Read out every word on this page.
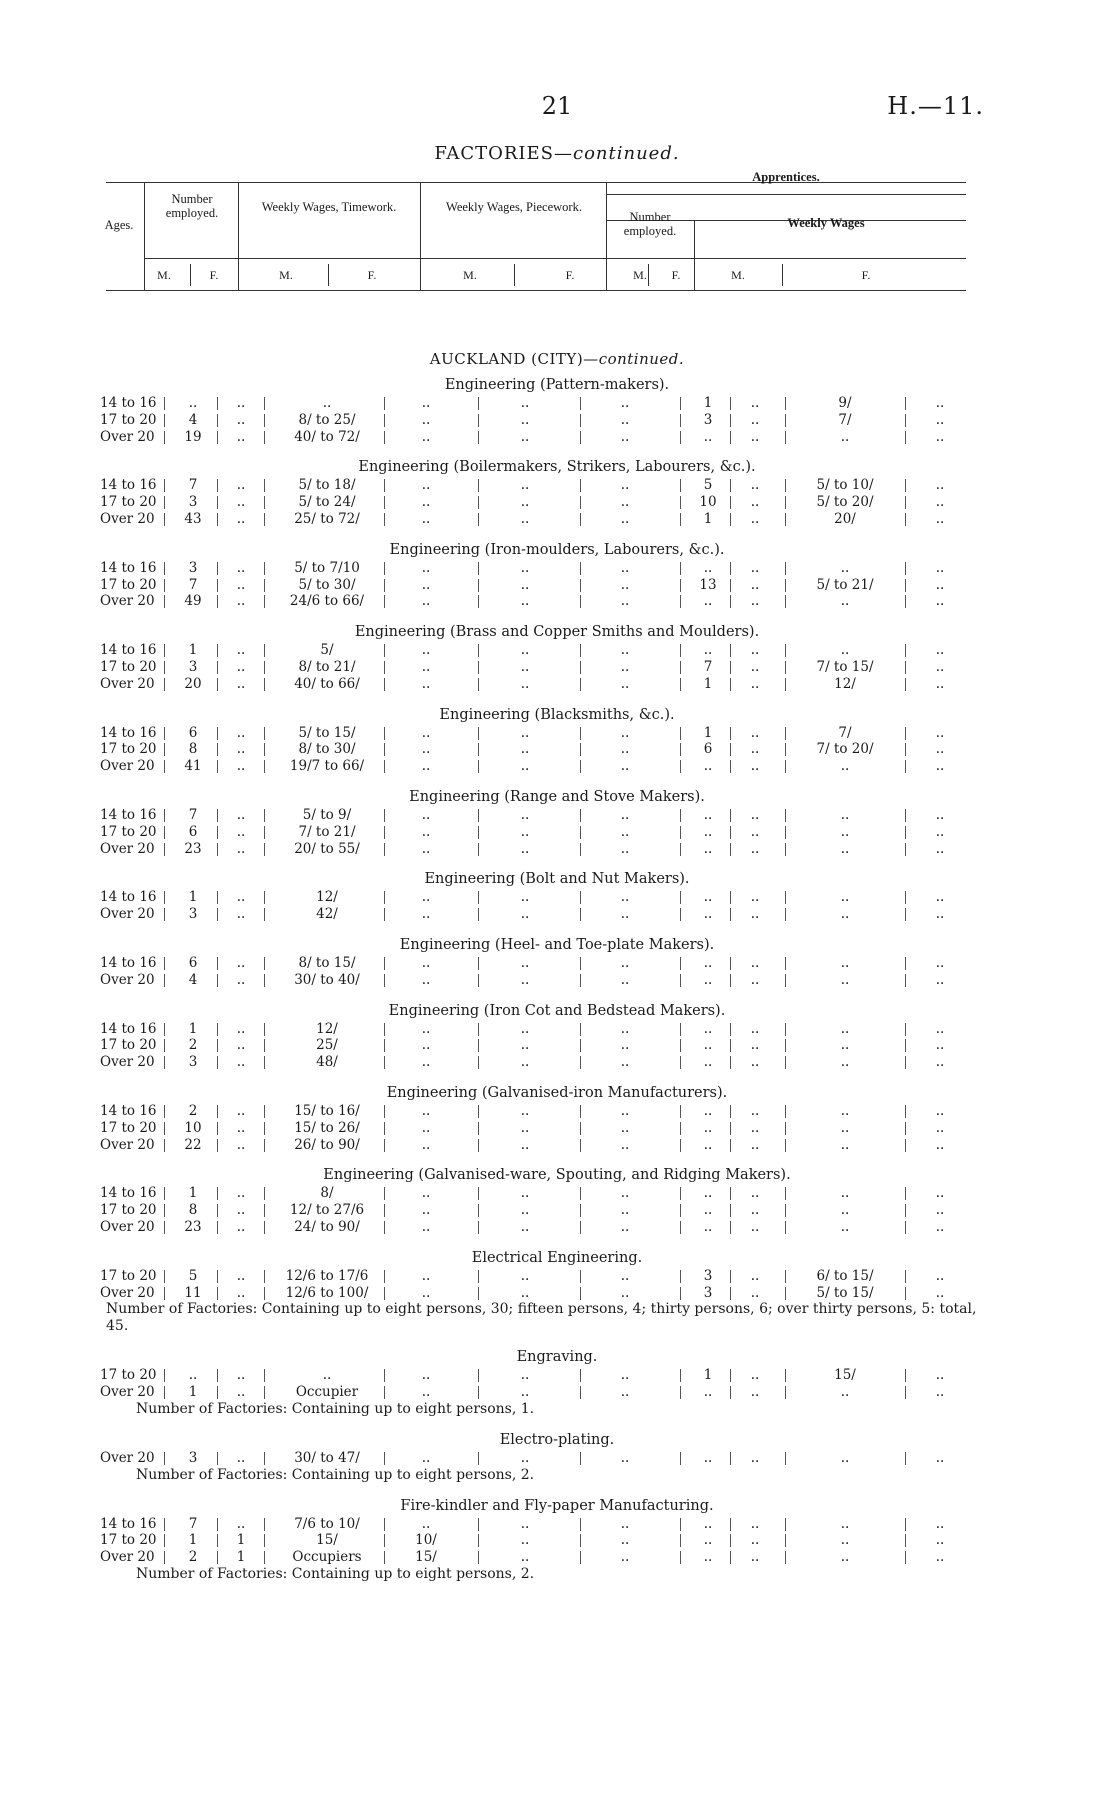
21	H.—11.
FACTORIES—continued.
Ages.
Number employed.	Weekly Wages, Timework.	Weekly Wages, Piecework.
Apprentices.
Number employed.
Weekly Wages
M.	F.	M.	F.	M.	F.	M.	F.	M.	F.
AUCKLAND (CITY)—continued.
Engineering (Pattern-makers).
14 to 16	..	..	..	..	..	..	1	..	9/	..
17 to 20	4	..	8/ to 25/	..	..	..	3	..	7/	..
Over 20	19	..	40/ to 72/	..	..	..	..	..	..	..
Engineering (Boilermakers, Strikers, Labourers, &c.).
14 to 16	7	..	5/ to 18/	..	..	..	5	..	5/ to 10/	..
17 to 20	3	..	5/ to 24/	..	..	..	10	..	5/ to 20/	..
Over 20	43	..	25/ to 72/	..	..	..	1	..	20/	..
Engineering (Iron-moulders, Labourers, &c.).
14 to 16	3	..	5/ to 7/10	..	..	..	..	..	..	..
17 to 20	7	..	5/ to 30/	..	..	..	13	..	5/ to 21/	..
Over 20	49	..	24/6 to 66/	..	..	..	..	..	..	..
Engineering (Brass and Copper Smiths and Moulders).
14 to 16	1	..	5/	..	..	..	..	..	..	..
17 to 20	3	..	8/ to 21/	..	..	..	7	..	7/ to 15/	..
Over 20	20	..	40/ to 66/	..	..	..	1	..	12/	..
Engineering (Blacksmiths, &c.).
14 to 16	6	..	5/ to 15/	..	..	..	1	..	7/	..
17 to 20	8	..	8/ to 30/	..	..	..	6	..	7/ to 20/	..
Over 20	41	..	19/7 to 66/	..	..	..	..	..	..	..
Engineering (Range and Stove Makers).
14 to 16	7	..	5/ to 9/	..	..	..	..	..	..	..
17 to 20	6	..	7/ to 21/	..	..	..	..	..	..	..
Over 20	23	..	20/ to 55/	..	..	..	..	..	..	..
Engineering (Bolt and Nut Makers).
14 to 16	1	..	12/	..	..	..	..	..	..	..
Over 20	3	..	42/	..	..	..	..	..	..	..
Engineering (Heel- and Toe-plate Makers).
14 to 16	6	..	8/ to 15/	..	..	..	..	..	..	..
Over 20	4	..	30/ to 40/	..	..	..	..	..	..	..
Engineering (Iron Cot and Bedstead Makers).
14 to 16	1	..	12/	..	..	..	..	..	..	..
17 to 20	2	..	25/	..	..	..	..	..	..	..
Over 20	3	..	48/	..	..	..	..	..	..	..
Engineering (Galvanised-iron Manufacturers).
14 to 16	2	..	15/ to 16/	..	..	..	..	..	..	..
17 to 20	10	..	15/ to 26/	..	..	..	..	..	..	..
Over 20	22	..	26/ to 90/	..	..	..	..	..	..	..
Engineering (Galvanised-ware, Spouting, and Ridging Makers).
14 to 16	1	..	8/	..	..	..	..	..	..	..
17 to 20	8	..	12/ to 27/6	..	..	..	..	..	..	..
Over 20	23	..	24/ to 90/	..	..	..	..	..	..	..
Electrical Engineering.
17 to 20	5	..	12/6 to 17/6	..	..	..	3	..	6/ to 15/	..
Over 20	11	..	12/6 to 100/	..	..	..	3	..	5/ to 15/	..
Number of Factories: Containing up to eight persons, 30; fifteen persons, 4; thirty persons, 6; over thirty persons, 5: total, 45.
Engraving.
17 to 20	..	..	..	..	..	..	1	..	15/	..
Over 20	1	..	Occupier	..	..	..	..	..	..	..
Number of Factories: Containing up to eight persons, 1.
Electro-plating.
Over 20	3	..	30/ to 47/	..	..	..	..	..	..	..
Number of Factories: Containing up to eight persons, 2.
Fire-kindler and Fly-paper Manufacturing.
14 to 16	7	..	7/6 to 10/	..	..	..	..	..	..	..
17 to 20	1	1	15/	10/	..	..	..	..	..	..
Over 20	2	1	Occupiers	15/	..	..	..	..	..	..
Number of Factories: Containing up to eight persons, 2.
